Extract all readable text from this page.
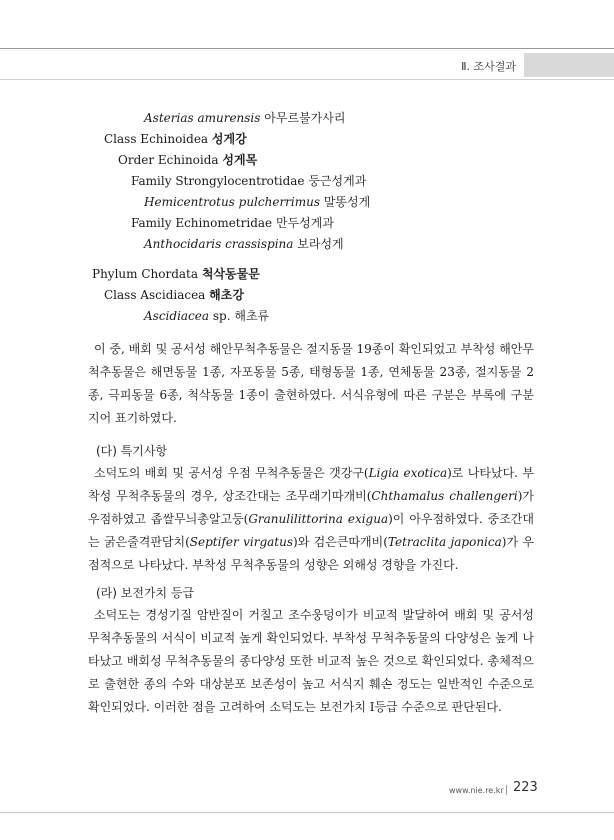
Ⅱ. 조사결과
Asterias amurensis 아무르불가사리
Class Echinoidea 성게강
Order Echinoida 성게목
Family Strongylocentrotidae 둥근성게과
Hemicentrotus pulcherrimus 말똥성게
Family Echinometridae 만두성게과
Anthocidaris crassispina 보라성게
Phylum Chordata 척삭동물문
Class Ascidiacea 해초강
Ascidiacea sp. 해초류

이 중, 배회 및 공서성 해안무척추동물은 절지동물 19종이 확인되었고 부착성 해안무척추동물은 해면동물 1종, 자포동물 5종, 태형동물 1종, 연체동물 23종, 절지동물 2종, 극피동물 6종, 척삭동물 1종이 출현하였다. 서식유형에 따른 구분은 부록에 구분지어 표기하였다.

(다) 특기사항

소덕도의 배회 및 공서성 우점 무척추동물은 갯강구(Ligia exotica)로 나타났다. 부착성 무척추동물의 경우, 상조간대는 조무래기따개비(Chthamalus challengeri)가 우점하였고 좁쌀무늬총알고둥(Granulilittorina exigua)이 아우점하였다. 중조간대는 굵은줄격판담치(Septifer virgatus)와 검은큰따개비(Tetraclita japonica)가 우점적으로 나타났다. 부착성 무척추동물의 성향은 외해성 경향을 가진다.

(라) 보전가치 등급

소덕도는 경성기질 암반질이 거칠고 조수웅덩이가 비교적 발달하여 배회 및 공서성 무척추동물의 서식이 비교적 높게 확인되었다. 부착성 무척추동물의 다양성은 높게 나타났고 배회성 무척추동물의 종다양성 또한 비교적 높은 것으로 확인되었다. 총체적으로 출현한 종의 수와 대상분포 보존성이 높고 서식지 훼손 정도는 일반적인 수준으로 확인되었다. 이러한 점을 고려하여 소덕도는 보전가치 Ⅰ등급 수준으로 판단된다.

www.nie.re.kr 223
